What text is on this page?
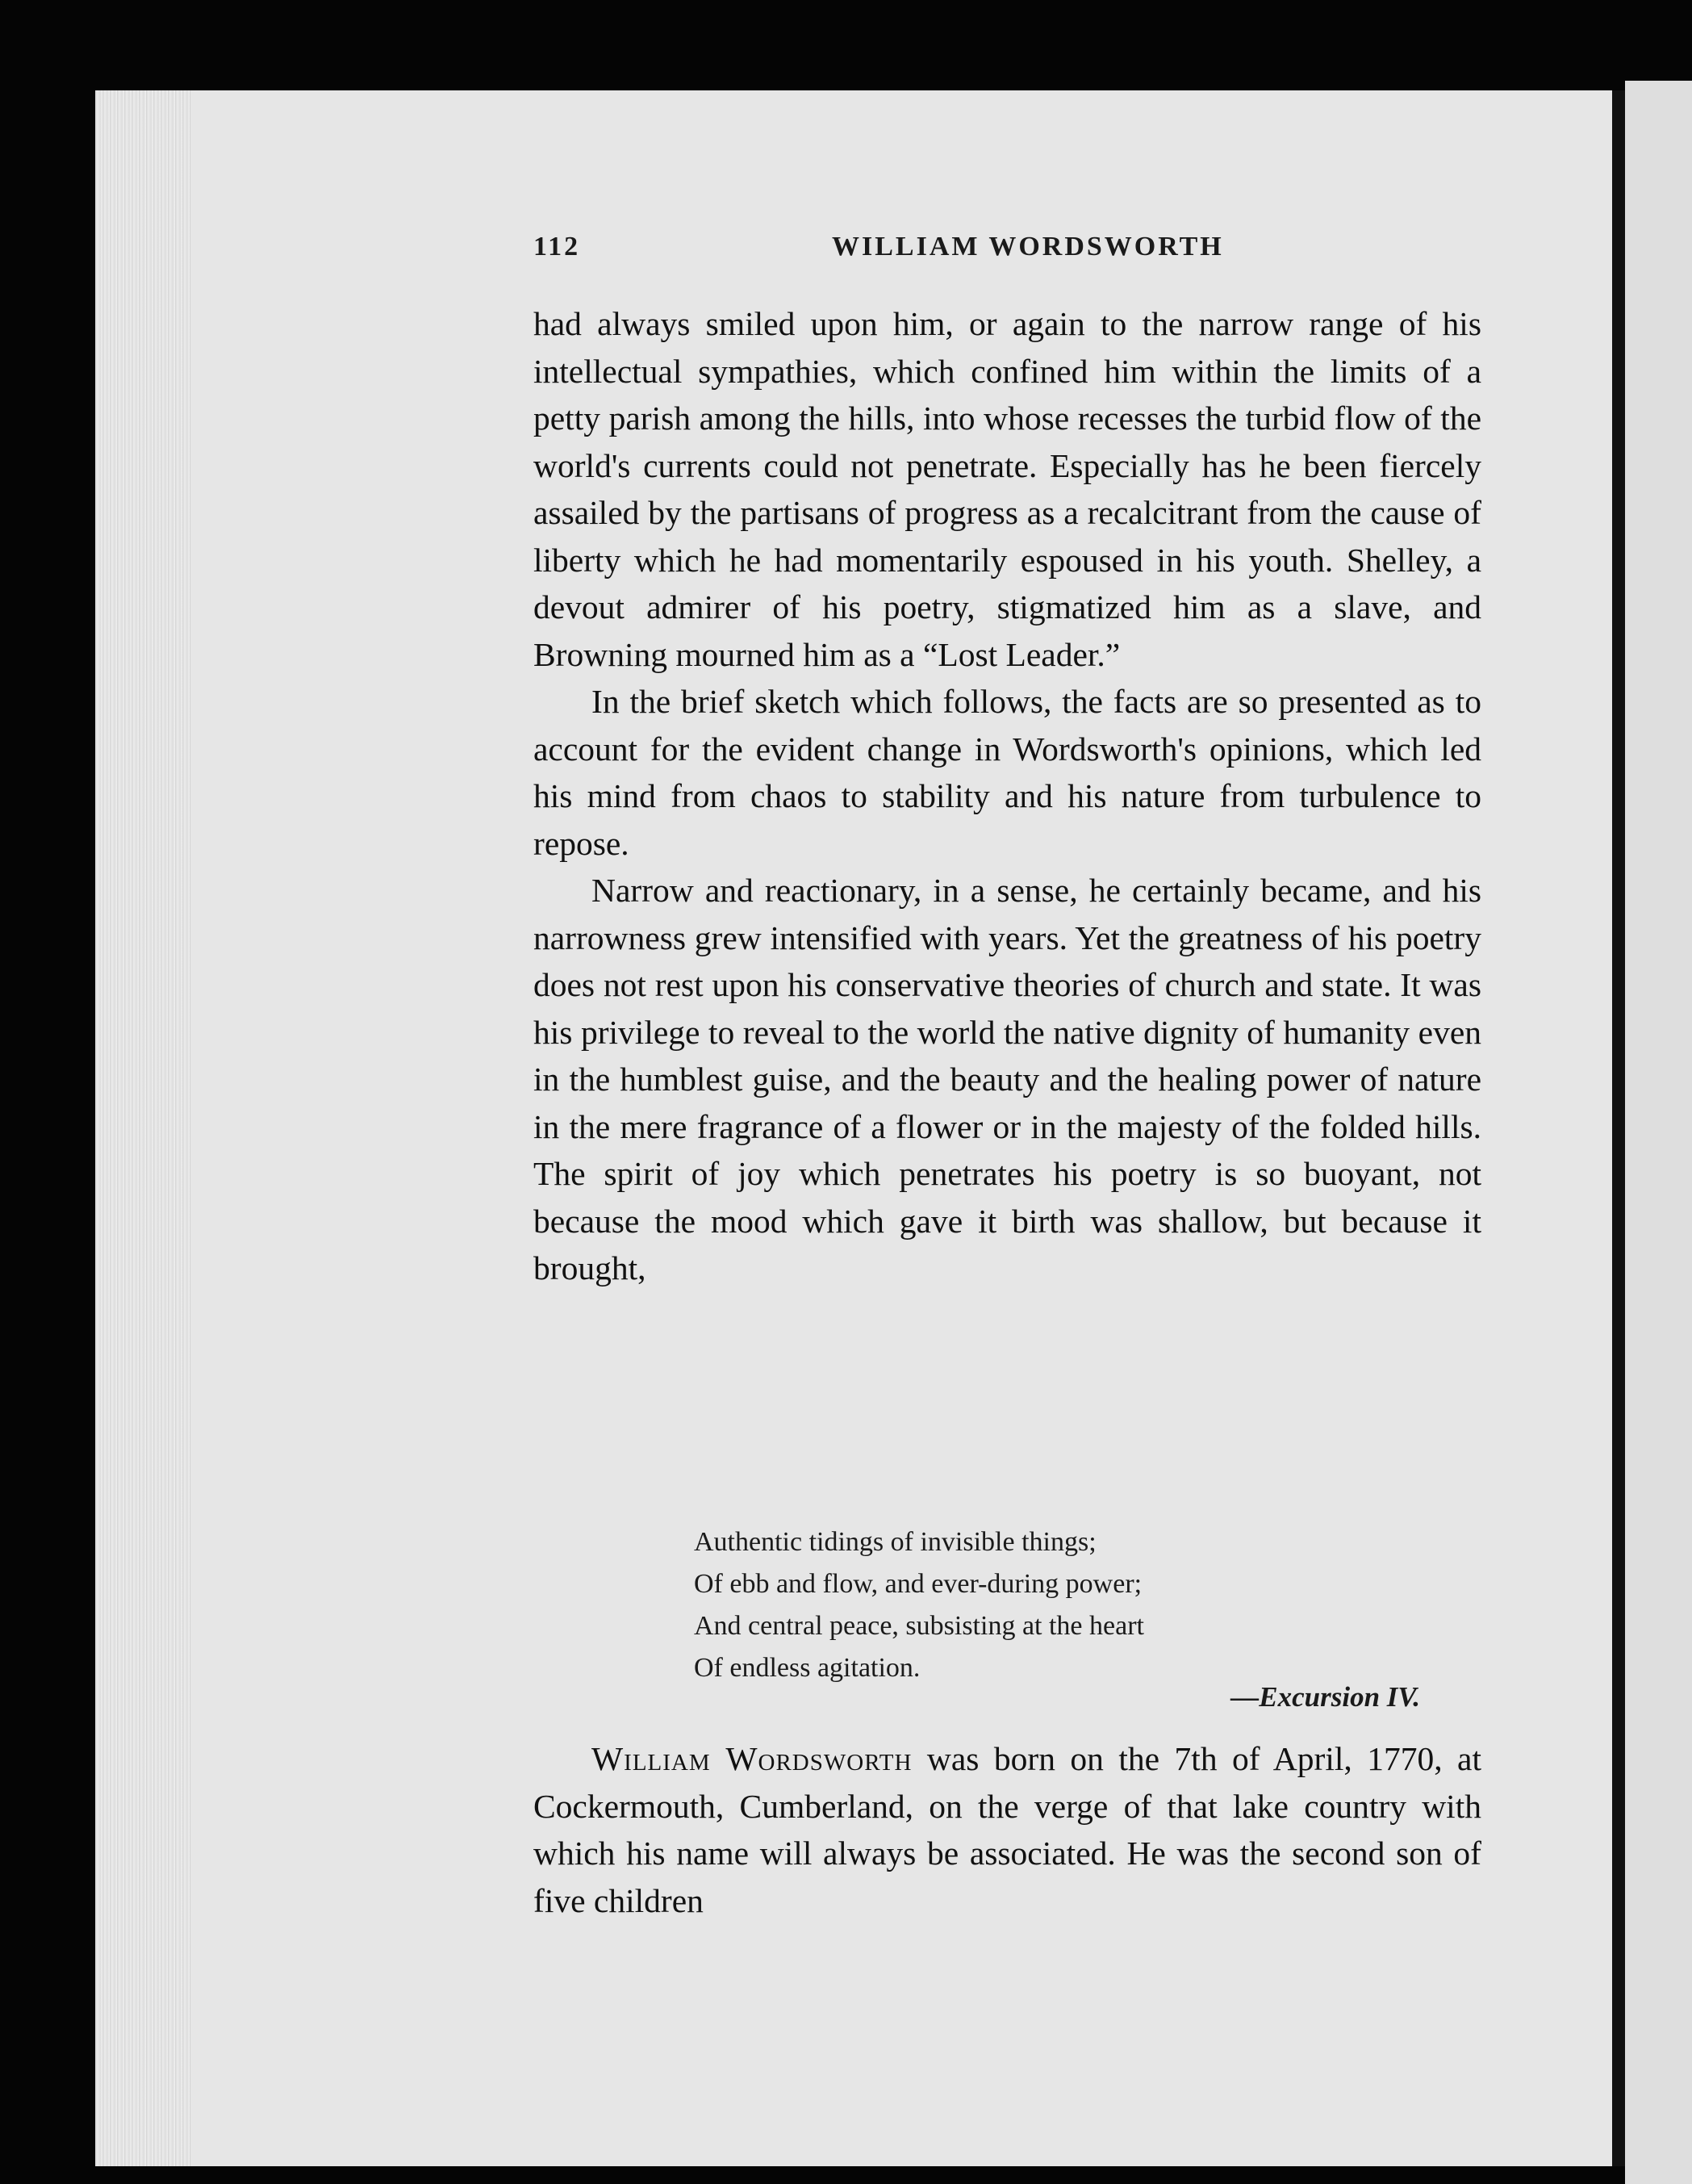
112	WILLIAM WORDSWORTH

had always smiled upon him, or again to the narrow range of his intellectual sympathies, which confined him within the limits of a petty parish among the hills, into whose recesses the turbid flow of the world's currents could not penetrate. Especially has he been fiercely assailed by the partisans of progress as a recalcitrant from the cause of liberty which he had momentarily espoused in his youth. Shelley, a devout admirer of his poetry, stigmatized him as a slave, and Browning mourned him as a “Lost Leader.”

In the brief sketch which follows, the facts are so presented as to account for the evident change in Wordsworth's opinions, which led his mind from chaos to stability and his nature from turbulence to repose.

Narrow and reactionary, in a sense, he certainly became, and his narrowness grew intensified with years. Yet the greatness of his poetry does not rest upon his conservative theories of church and state. It was his privilege to reveal to the world the native dignity of humanity even in the humblest guise, and the beauty and the healing power of nature in the mere fragrance of a flower or in the majesty of the folded hills. The spirit of joy which penetrates his poetry is so buoyant, not because the mood which gave it birth was shallow, but because it brought,

Authentic tidings of invisible things;
Of ebb and flow, and ever-during power;
And central peace, subsisting at the heart
Of endless agitation.
—Excursion IV.

William Wordsworth was born on the 7th of April, 1770, at Cockermouth, Cumberland, on the verge of that lake country with which his name will always be associated. He was the second son of five children
